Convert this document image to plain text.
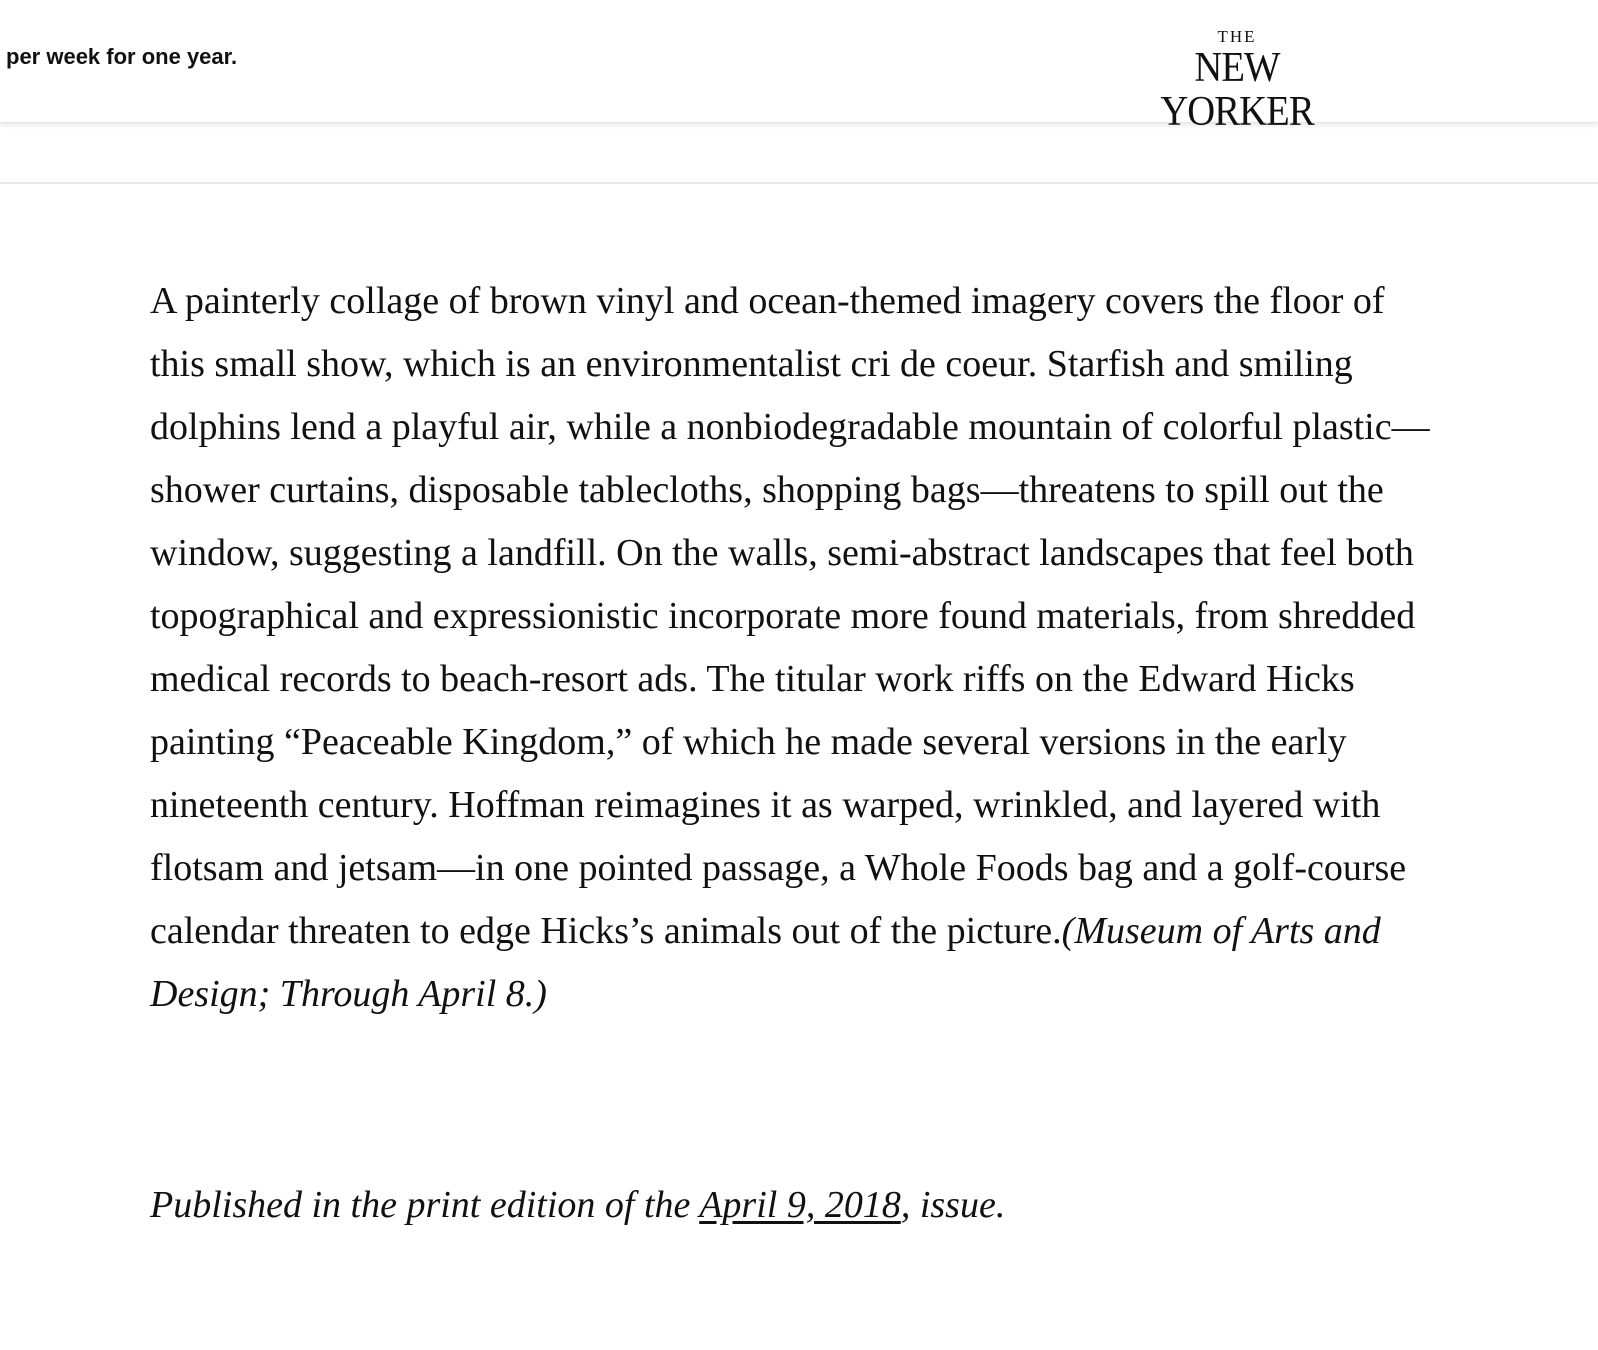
per week for one year.
THE
NEW YORKER

A painterly collage of brown vinyl and ocean-themed imagery covers the floor of this small show, which is an environmentalist cri de coeur. Starfish and smiling dolphins lend a playful air, while a nonbiodegradable mountain of colorful plastic—shower curtains, disposable tablecloths, shopping bags—threatens to spill out the window, suggesting a landfill. On the walls, semi-abstract landscapes that feel both topographical and expressionistic incorporate more found materials, from shredded medical records to beach-resort ads. The titular work riffs on the Edward Hicks painting “Peaceable Kingdom,” of which he made several versions in the early nineteenth century. Hoffman reimagines it as warped, wrinkled, and layered with flotsam and jetsam—in one pointed passage, a Whole Foods bag and a golf-course calendar threaten to edge Hicks’s animals out of the picture.(Museum of Arts and Design; Through April 8.)

Published in the print edition of the April 9, 2018, issue.
